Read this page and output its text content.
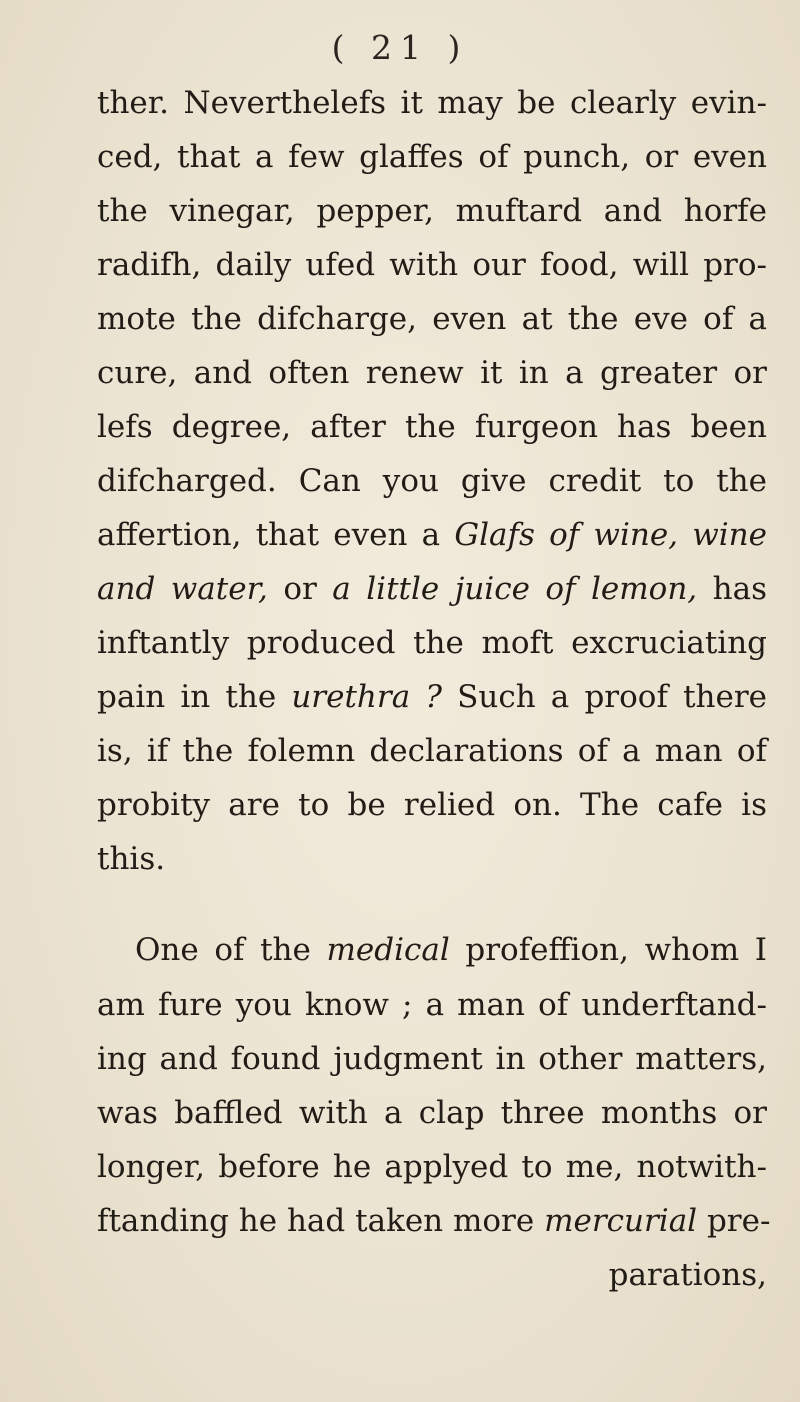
( 21 )
ther. Neverthelefs it may be clearly evin-
ced, that a few glaffes of punch, or even
the vinegar, pepper, muftard and horfe
radifh, daily ufed with our food, will pro-
mote the difcharge, even at the eve of a
cure, and often renew it in a greater or
lefs degree, after the furgeon has been
difcharged. Can you give credit to the
affertion, that even a Glafs of wine, wine
and water, or a little juice of lemon, has
inftantly produced the moft excruciating
pain in the urethra ? Such a proof there
is, if the folemn declarations of a man of
probity are to be relied on. The cafe is
this.
One of the medical profeffion, whom I
am fure you know ; a man of underftand-
ing and found judgment in other matters,
was baffled with a clap three months or
longer, before he applyed to me, notwith-
ftanding he had taken more mercurial pre-
parations,
